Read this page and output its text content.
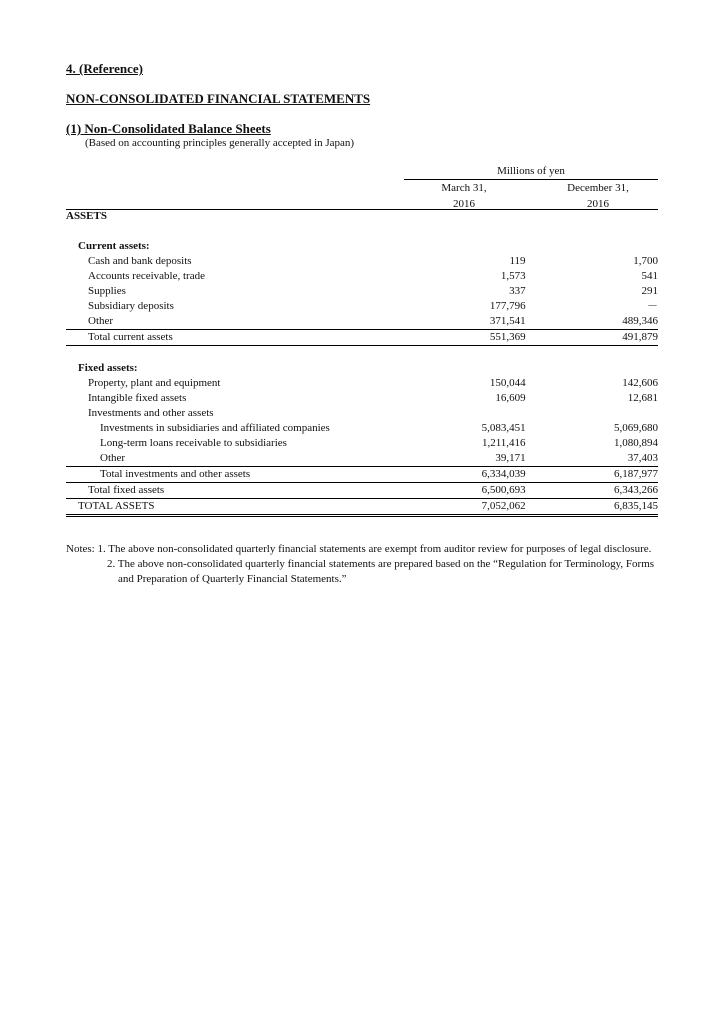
4. (Reference)
NON-CONSOLIDATED FINANCIAL STATEMENTS
(1) Non-Consolidated Balance Sheets
(Based on accounting principles generally accepted in Japan)
Millions of yen
March 31,
2016
December 31,
2016
ASSETS		

Current assets:		
Cash and bank deposits	119	1,700
Accounts receivable, trade	1,573	541
Supplies	337	291
Subsidiary deposits	177,796	－
Other	371,541	489,346
Total current assets	551,369	491,879

Fixed assets:		
Property, plant and equipment	150,044	142,606
Intangible fixed assets	16,609	12,681
Investments and other assets		
Investments in subsidiaries and affiliated companies	5,083,451	5,069,680
Long-term loans receivable to subsidiaries	1,211,416	1,080,894
Other	39,171	37,403
Total investments and other assets	6,334,039	6,187,977
Total fixed assets	6,500,693	6,343,266
TOTAL ASSETS	7,052,062	6,835,145
Notes: 1. The above non-consolidated quarterly financial statements are exempt from auditor review for purposes of legal disclosure.
2. The above non-consolidated quarterly financial statements are prepared based on the “Regulation for Terminology, Forms
and Preparation of Quarterly Financial Statements.”
